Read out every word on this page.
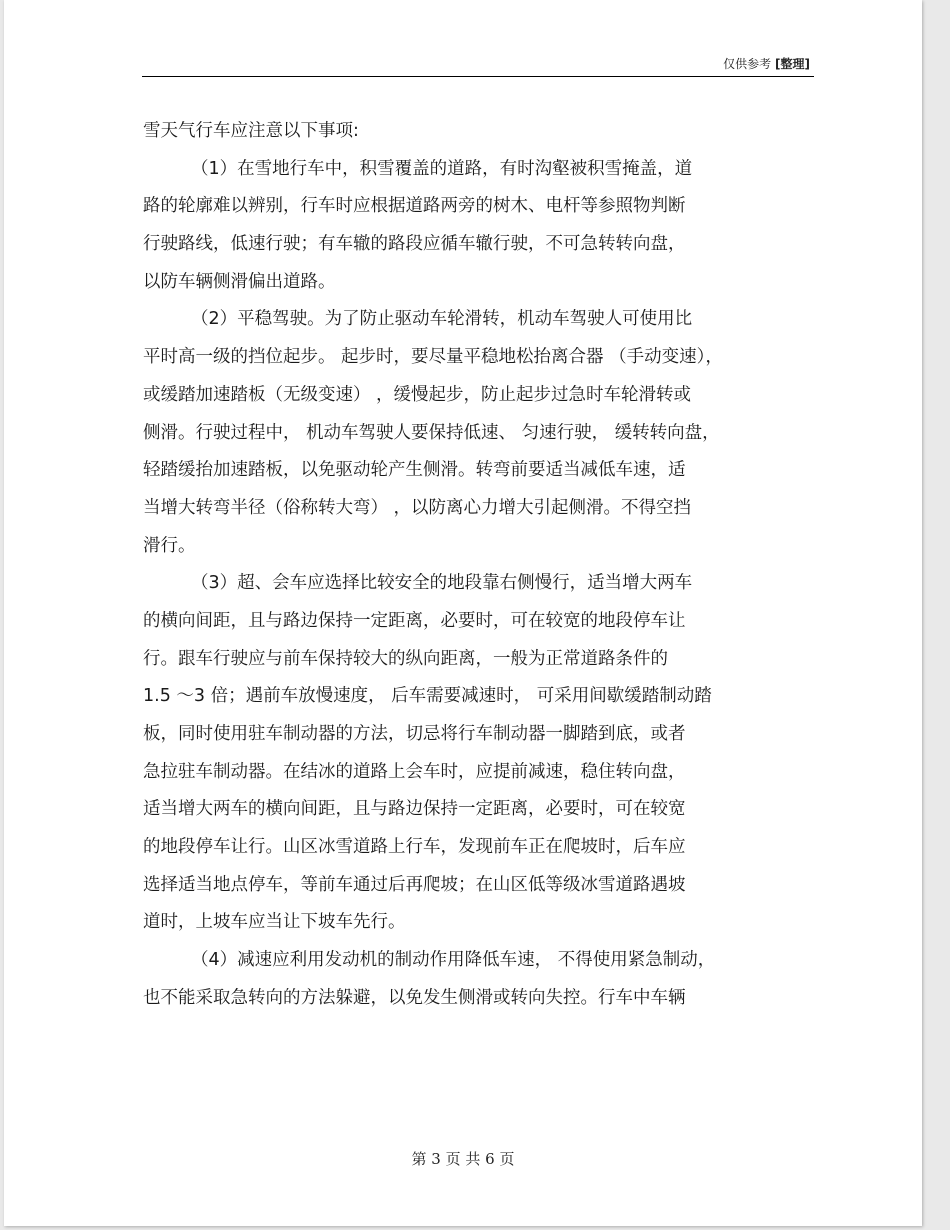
仅供参考 [整理]
雪天气行车应注意以下事项:
（1）在雪地行车中，积雪覆盖的道路，有时沟壑被积雪掩盖，道
路的轮廓难以辨别，行车时应根据道路两旁的树木、电杆等参照物判断
行驶路线，低速行驶；有车辙的路段应循车辙行驶，不可急转转向盘，
以防车辆侧滑偏出道路。
（2）平稳驾驶。为了防止驱动车轮滑转，机动车驾驶人可使用比
平时高一级的挡位起步。 起步时，要尽量平稳地松抬离合器 （手动变速），
或缓踏加速踏板（无级变速） ，缓慢起步，防止起步过急时车轮滑转或
侧滑。行驶过程中， 机动车驾驶人要保持低速、 匀速行驶， 缓转转向盘，
轻踏缓抬加速踏板，以免驱动轮产生侧滑。转弯前要适当减低车速，适
当增大转弯半径（俗称转大弯） ，以防离心力增大引起侧滑。不得空挡
滑行。
（3）超、会车应选择比较安全的地段靠右侧慢行，适当增大两车
的横向间距，且与路边保持一定距离，必要时，可在较宽的地段停车让
行。跟车行驶应与前车保持较大的纵向距离，一般为正常道路条件的
1.5 ～3 倍；遇前车放慢速度， 后车需要减速时， 可采用间歇缓踏制动踏
板，同时使用驻车制动器的方法，切忌将行车制动器一脚踏到底，或者
急拉驻车制动器。在结冰的道路上会车时，应提前减速，稳住转向盘，
适当增大两车的横向间距，且与路边保持一定距离，必要时，可在较宽
的地段停车让行。山区冰雪道路上行车，发现前车正在爬坡时，后车应
选择适当地点停车，等前车通过后再爬坡；在山区低等级冰雪道路遇坡
道时，上坡车应当让下坡车先行。
（4）减速应利用发动机的制动作用降低车速， 不得使用紧急制动，
也不能采取急转向的方法躲避，以免发生侧滑或转向失控。行车中车辆
第 3 页 共 6 页
